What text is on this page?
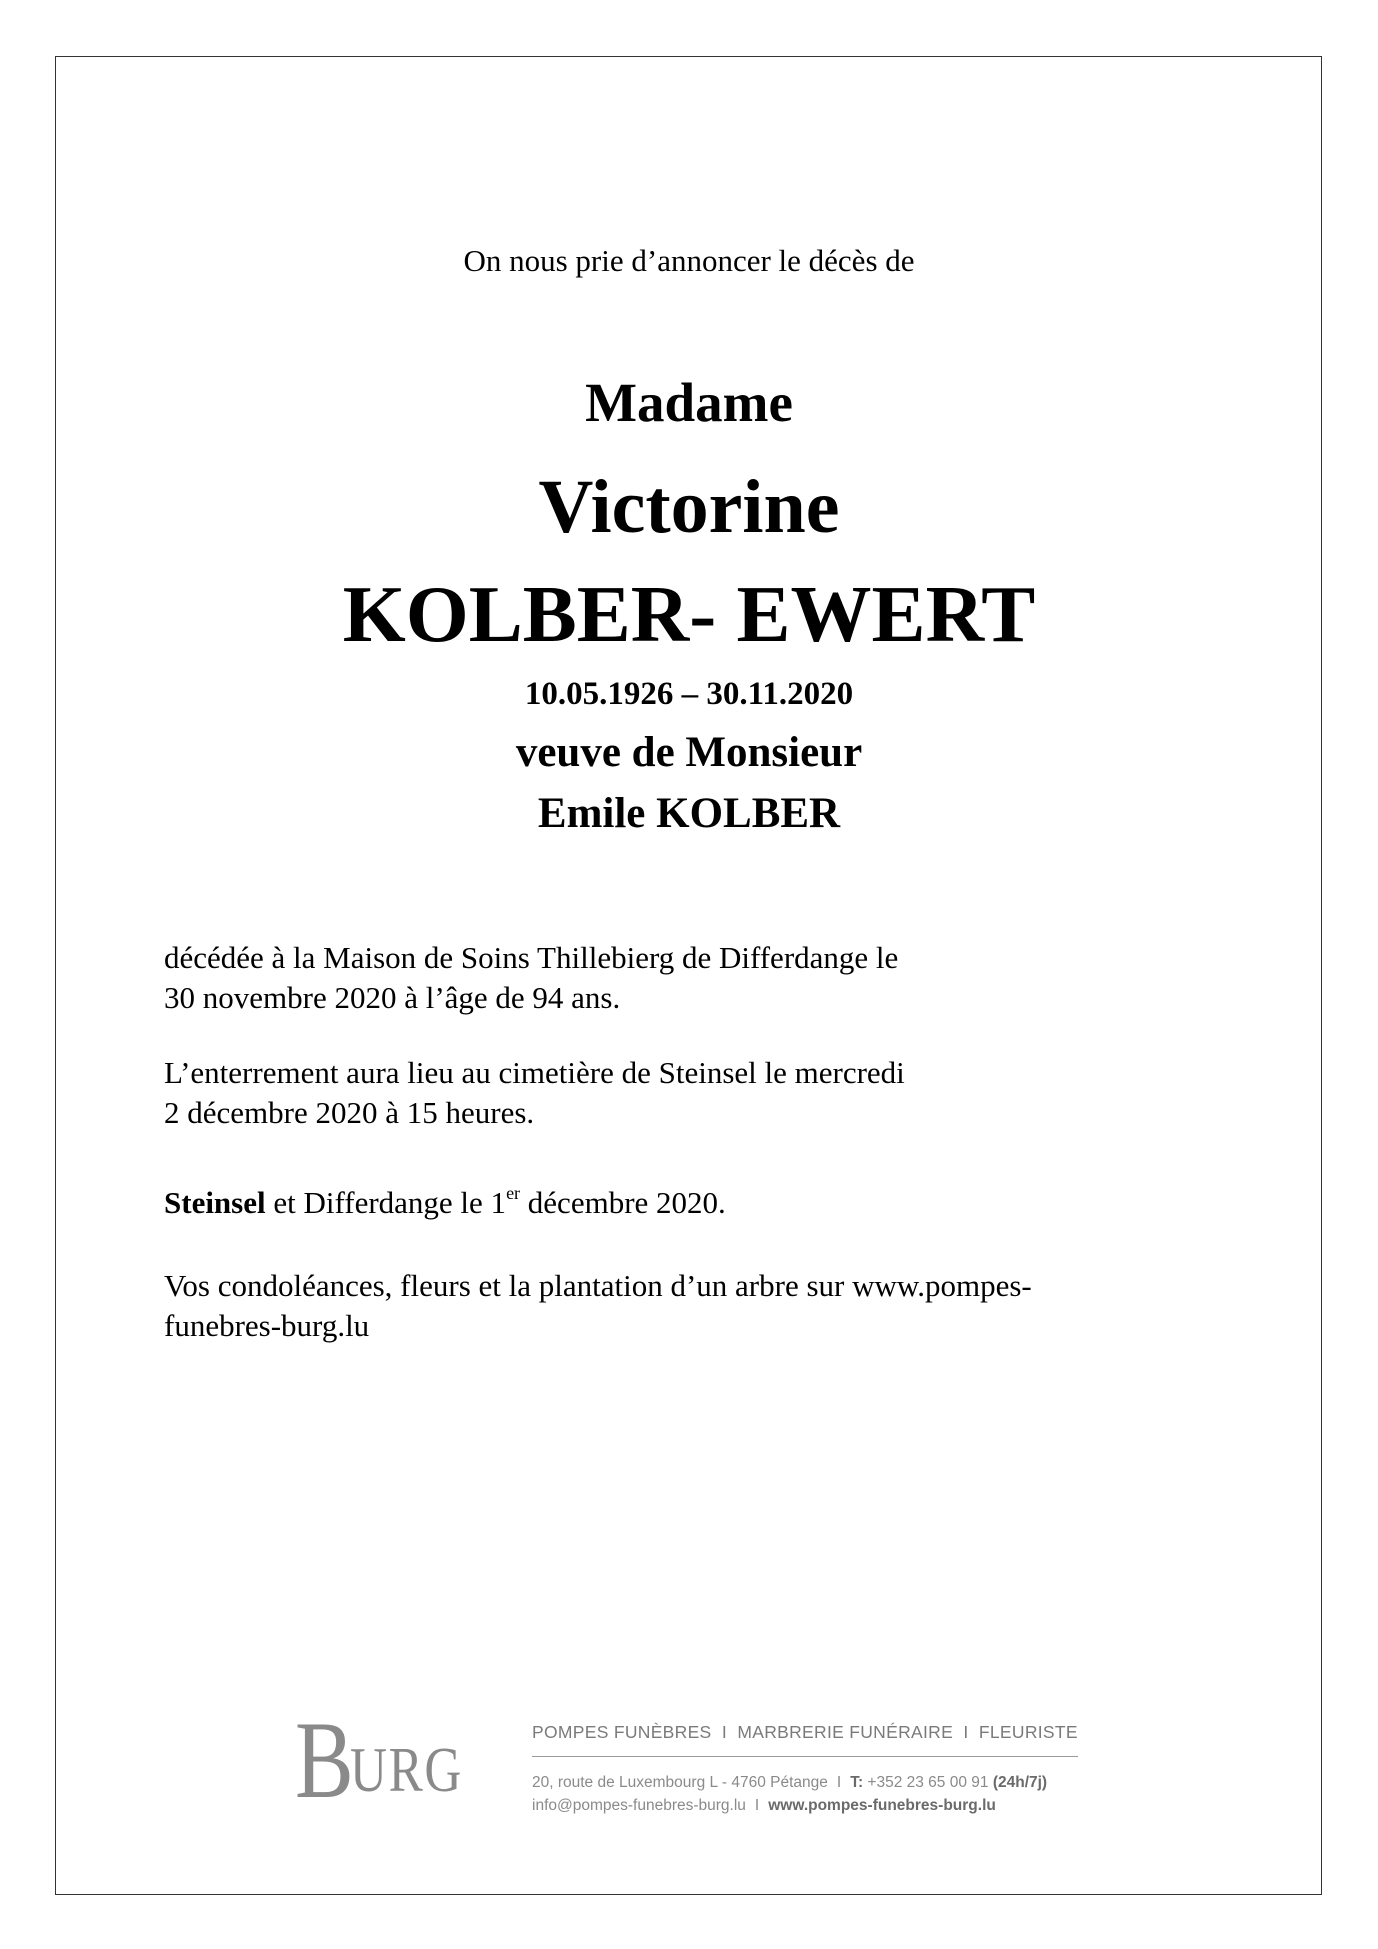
On nous prie d’annoncer le décès de
Madame
Victorine
KOLBER- EWERT
10.05.1926 – 30.11.2020
veuve de Monsieur
Emile KOLBER
décédée à la Maison de Soins Thillebierg de Differdange le
30 novembre 2020 à l’âge de 94 ans.
L’enterrement aura lieu au cimetière de Steinsel le mercredi
2 décembre 2020 à 15 heures.
Steinsel et Differdange le 1er décembre 2020.
Vos condoléances, fleurs et la plantation d’un arbre sur www.pompes-
funebres-burg.lu
BURG
POMPES FUNÈBRES  I  MARBRERIE FUNÉRAIRE  I  FLEURISTE
20, route de Luxembourg L - 4760 Pétange I T: +352 23 65 00 91 (24h/7j)
info@pompes-funebres-burg.lu I www.pompes-funebres-burg.lu
